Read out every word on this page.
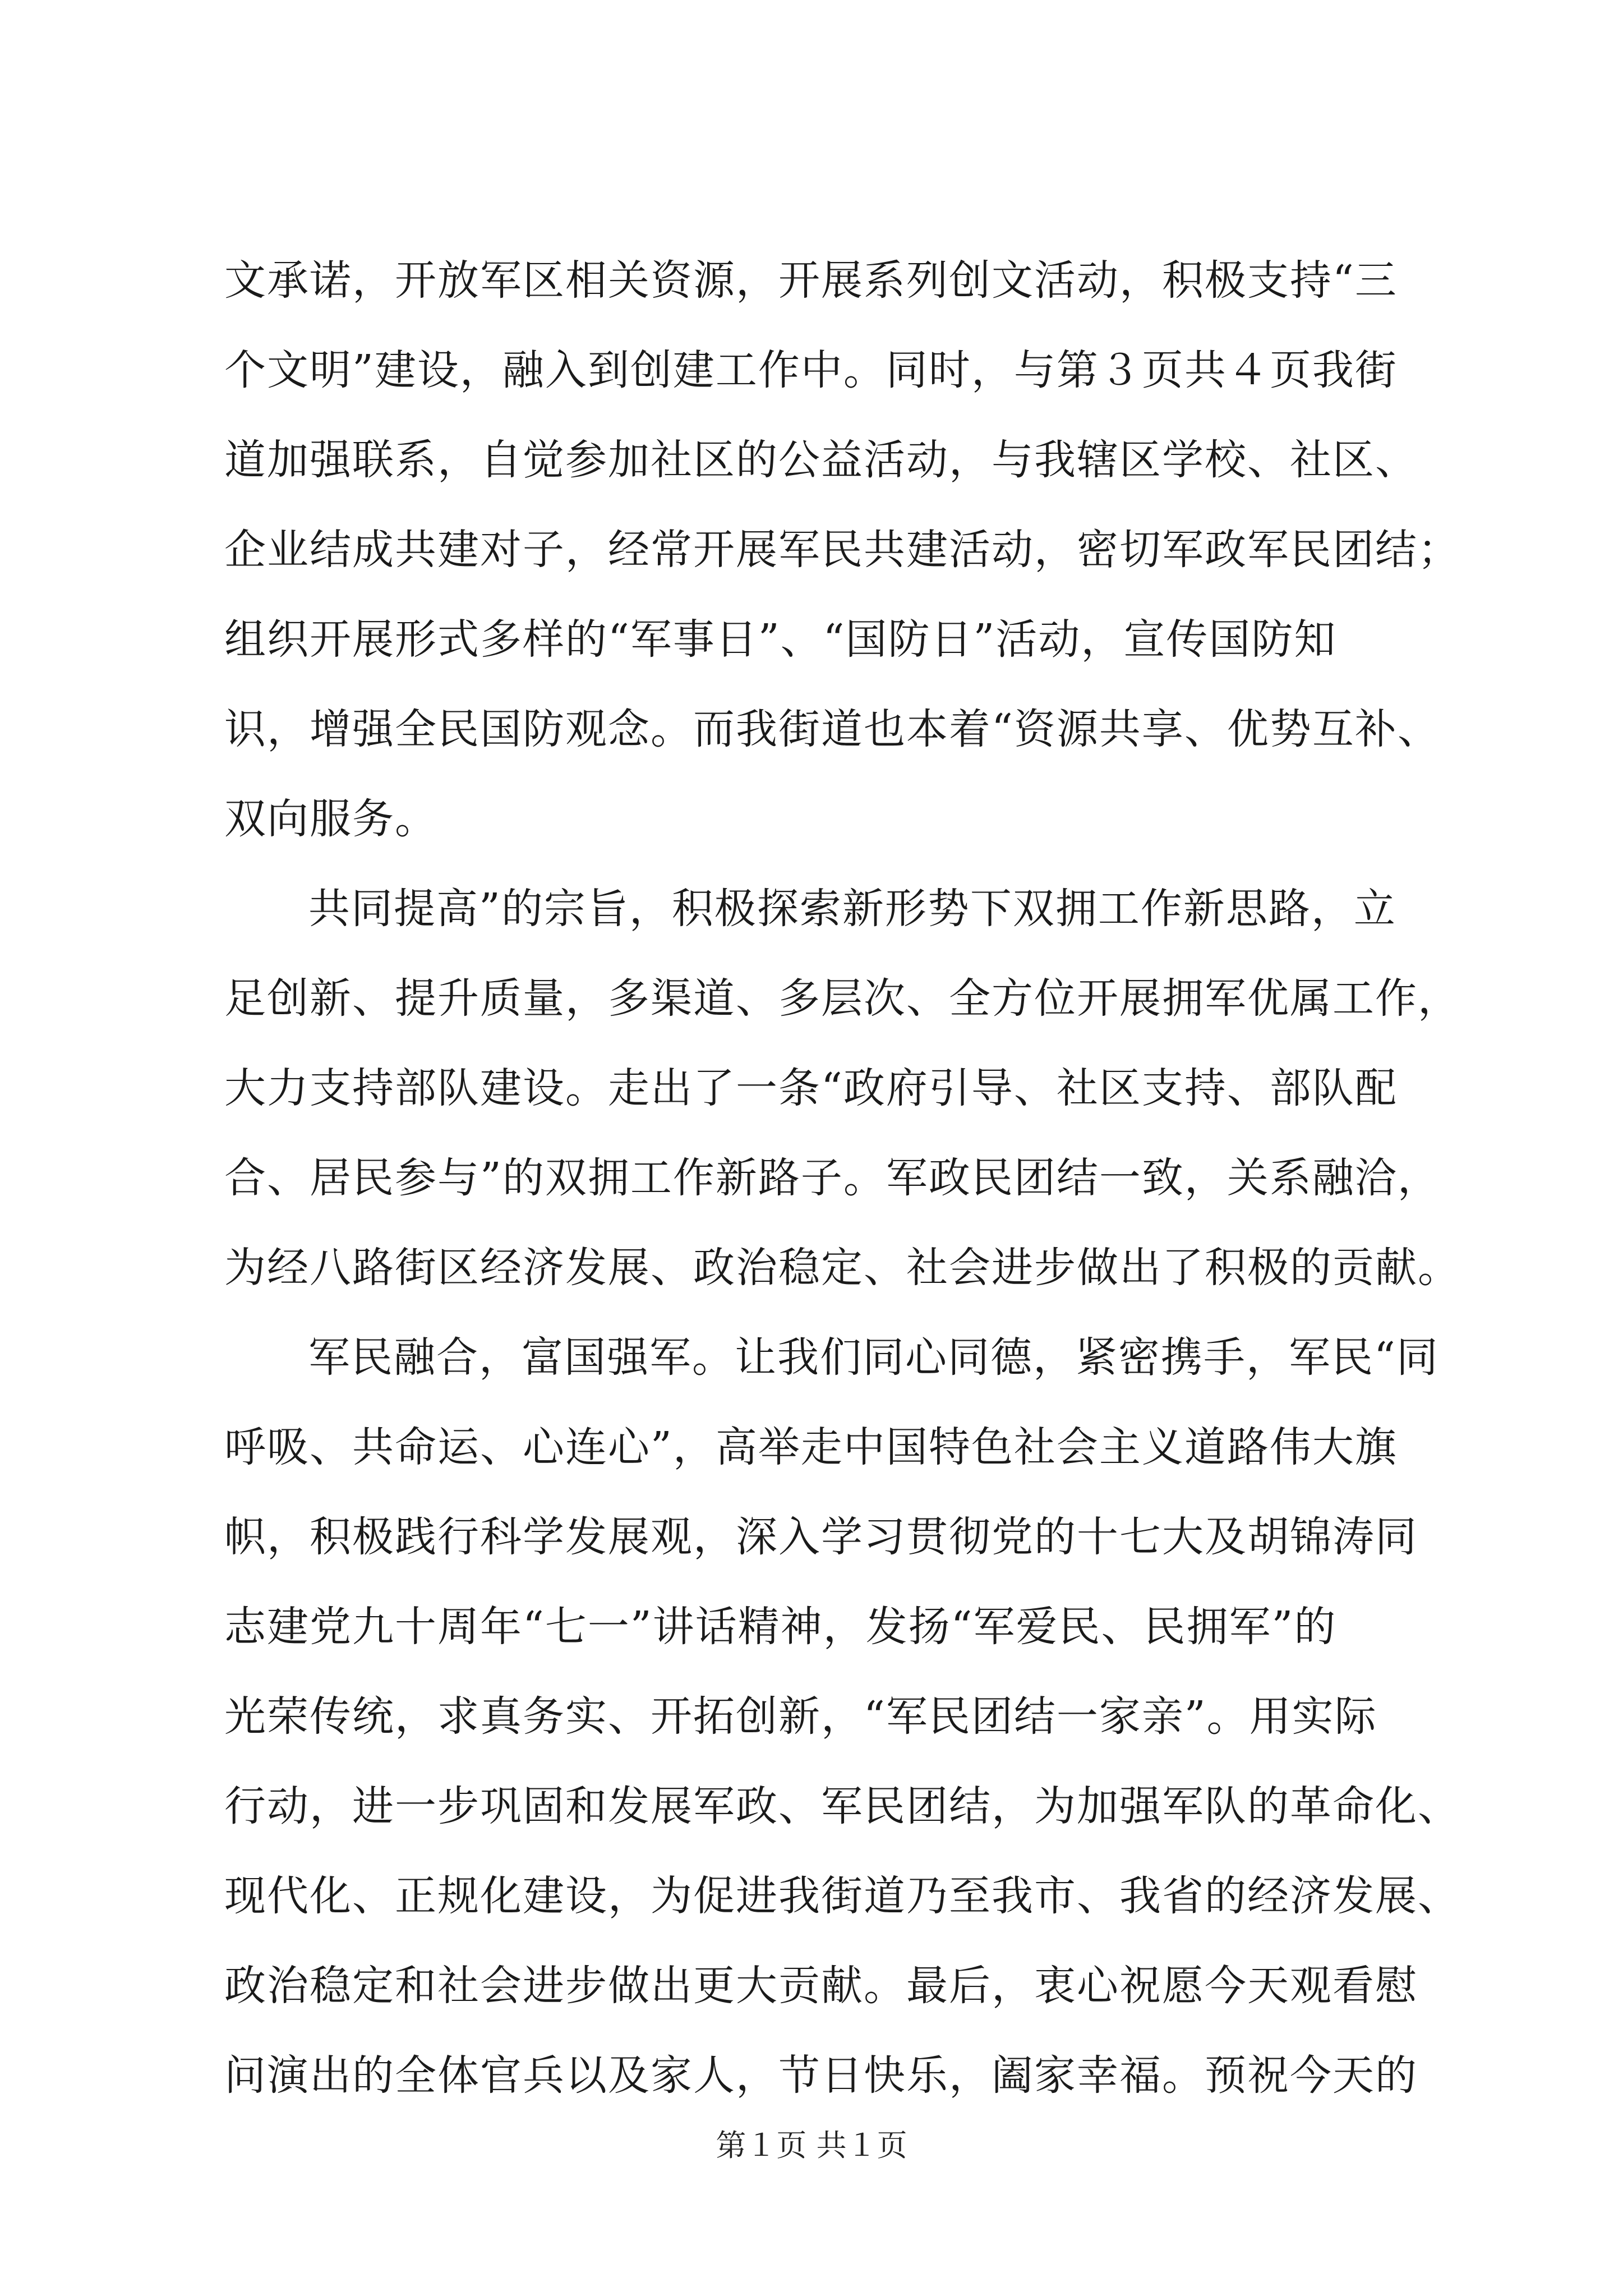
文承诺，开放军区相关资源，开展系列创文活动，积极支持“三
个文明”建设，融入到创建工作中。同时，与第３页共４页我街
道加强联系，自觉参加社区的公益活动，与我辖区学校、社区、
企业结成共建对子，经常开展军民共建活动，密切军政军民团结；
组织开展形式多样的“军事日”、“国防日”活动，宣传国防知
识，增强全民国防观念。而我街道也本着“资源共享、优势互补、
双向服务。
共同提高”的宗旨，积极探索新形势下双拥工作新思路，立
足创新、提升质量，多渠道、多层次、全方位开展拥军优属工作，
大力支持部队建设。走出了一条“政府引导、社区支持、部队配
合、居民参与”的双拥工作新路子。军政民团结一致，关系融洽，
为经八路街区经济发展、政治稳定、社会进步做出了积极的贡献。
军民融合，富国强军。让我们同心同德，紧密携手，军民“同
呼吸、共命运、心连心”，高举走中国特色社会主义道路伟大旗
帜，积极践行科学发展观，深入学习贯彻党的十七大及胡锦涛同
志建党九十周年“七一”讲话精神，发扬“军爱民、民拥军”的
光荣传统，求真务实、开拓创新，“军民团结一家亲”。用实际
行动，进一步巩固和发展军政、军民团结，为加强军队的革命化、
现代化、正规化建设，为促进我街道乃至我市、我省的经济发展、
政治稳定和社会进步做出更大贡献。最后，衷心祝愿今天观看慰
问演出的全体官兵以及家人，节日快乐，阖家幸福。预祝今天的
第１页 共１页
